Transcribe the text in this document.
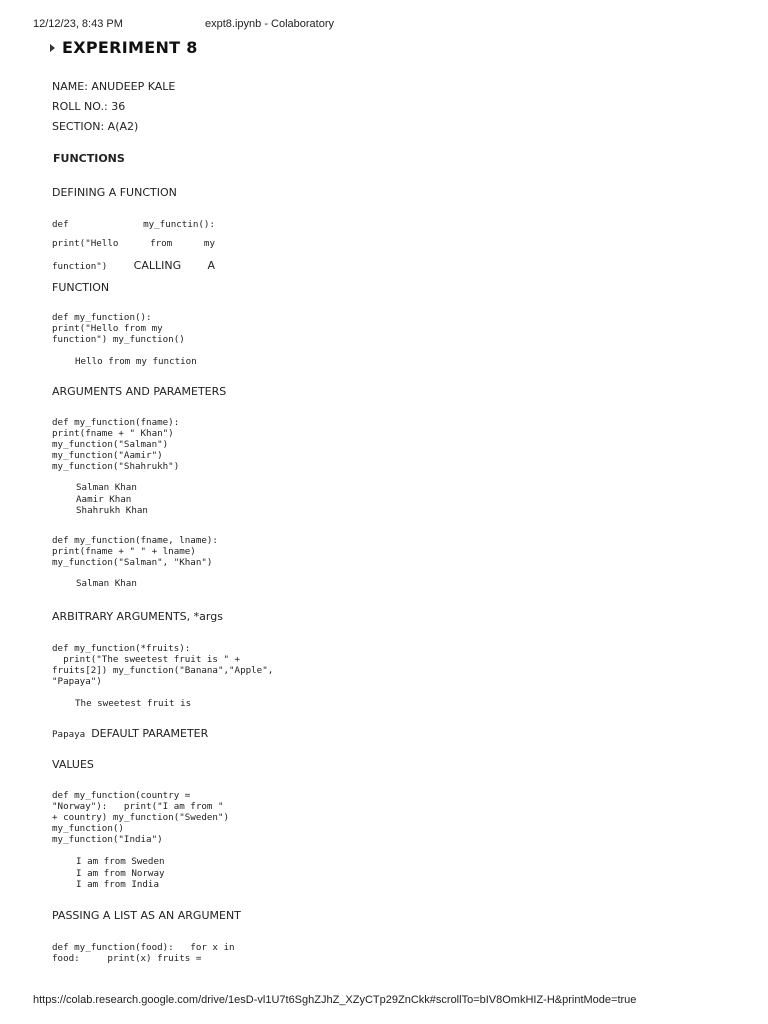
12/12/23, 8:43 PM	expt8.ipynb - Colaboratory
EXPERIMENT 8
NAME: ANUDEEP KALE
ROLL NO.: 36
SECTION: A(A2)
FUNCTIONS
DEFINING A FUNCTION
def	my_functin():
print("Hello	from	my
function") CALLING A
FUNCTION
def my_function():
print("Hello from my
function") my_function()
Hello from my function
ARGUMENTS AND PARAMETERS
def my_function(fname):
print(fname + " Khan")
my_function("Salman")
my_function("Aamir")
my_function("Shahrukh")
Salman Khan
Aamir Khan
Shahrukh Khan
def my_function(fname, lname):
print(fname + " " + lname)
my_function("Salman", "Khan")
Salman Khan
ARBITRARY ARGUMENTS, *args
def my_function(*fruits):
print("The sweetest fruit is " +
fruits[2]) my_function("Banana","Apple",
"Papaya")
The sweetest fruit is
Papaya DEFAULT PARAMETER
VALUES
def my_function(country =
"Norway"):   print("I am from "
+ country) my_function("Sweden")
my_function()
my_function("India")
I am from Sweden
I am from Norway
I am from India
PASSING A LIST AS AN ARGUMENT
def my_function(food):   for x in
food:     print(x) fruits =
https://colab.research.google.com/drive/1esD-vl1U7t6SghZJhZ_XZyCTp29ZnCkk#scrollTo=bIV8OmkHIZ-H&printMode=true
